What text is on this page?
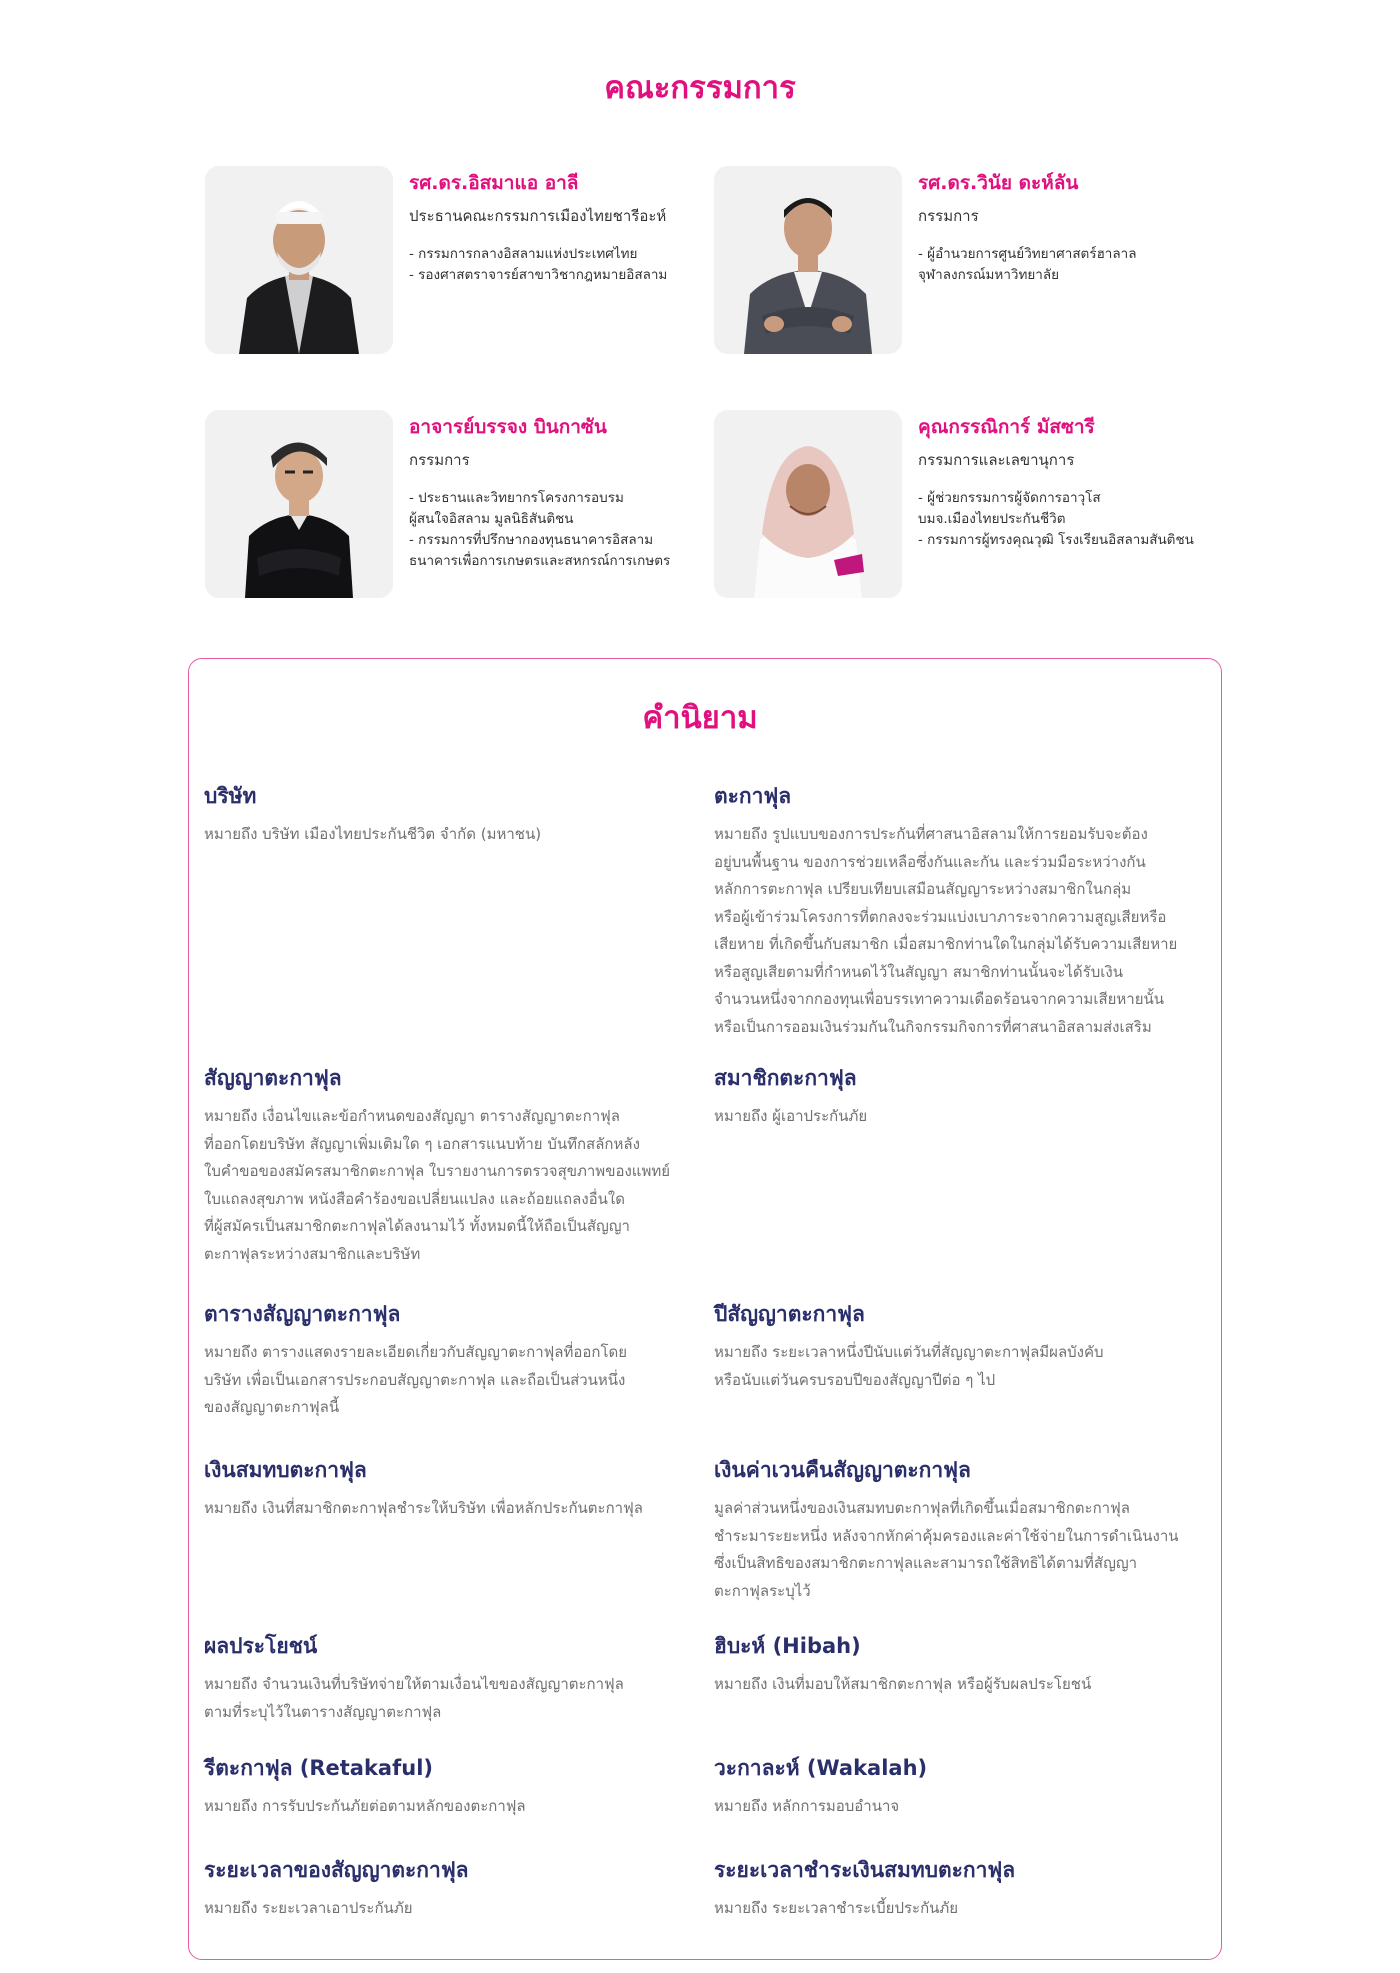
คณะกรรมการ
รศ.ดร.อิสมาแอ อาลี
ประธานคณะกรรมการเมืองไทยชารีอะห์
- กรรมการกลางอิสลามแห่งประเทศไทย
- รองศาสตราจารย์สาขาวิชากฎหมายอิสลาม
รศ.ดร.วินัย ดะห์ลัน
กรรมการ
- ผู้อำนวยการศูนย์วิทยาศาสตร์ฮาลาล
จุฬาลงกรณ์มหาวิทยาลัย
อาจารย์บรรจง บินกาซัน
กรรมการ
- ประธานและวิทยากรโครงการอบรม
ผู้สนใจอิสลาม มูลนิธิสันติชน
- กรรมการที่ปรึกษากองทุนธนาคารอิสลาม
ธนาคารเพื่อการเกษตรและสหกรณ์การเกษตร
คุณกรรณิการ์ มัสซารี
กรรมการและเลขานุการ
- ผู้ช่วยกรรมการผู้จัดการอาวุโส
บมจ.เมืองไทยประกันชีวิต
- กรรมการผู้ทรงคุณวุฒิ โรงเรียนอิสลามสันติชน
คำนิยาม
บริษัท
หมายถึง บริษัท เมืองไทยประกันชีวิต จำกัด (มหาชน)
ตะกาฟุล
หมายถึง รูปแบบของการประกันที่ศาสนาอิสลามให้การยอมรับจะต้อง
อยู่บนพื้นฐาน ของการช่วยเหลือซึ่งกันและกัน และร่วมมือระหว่างกัน
หลักการตะกาฟุล เปรียบเทียบเสมือนสัญญาระหว่างสมาชิกในกลุ่ม
หรือผู้เข้าร่วมโครงการที่ตกลงจะร่วมแบ่งเบาภาระจากความสูญเสียหรือ
เสียหาย ที่เกิดขึ้นกับสมาชิก เมื่อสมาชิกท่านใดในกลุ่มได้รับความเสียหาย
หรือสูญเสียตามที่กำหนดไว้ในสัญญา สมาชิกท่านนั้นจะได้รับเงิน
จำนวนหนึ่งจากกองทุนเพื่อบรรเทาความเดือดร้อนจากความเสียหายนั้น
หรือเป็นการออมเงินร่วมกันในกิจกรรมกิจการที่ศาสนาอิสลามส่งเสริม
สัญญาตะกาฟุล
หมายถึง เงื่อนไขและข้อกำหนดของสัญญา ตารางสัญญาตะกาฟุล
ที่ออกโดยบริษัท สัญญาเพิ่มเติมใด ๆ เอกสารแนบท้าย บันทึกสลักหลัง
ใบคำขอของสมัครสมาชิกตะกาฟุล ใบรายงานการตรวจสุขภาพของแพทย์
ใบแถลงสุขภาพ หนังสือคำร้องขอเปลี่ยนแปลง และถ้อยแถลงอื่นใด
ที่ผู้สมัครเป็นสมาชิกตะกาฟุลได้ลงนามไว้ ทั้งหมดนี้ให้ถือเป็นสัญญา
ตะกาฟุลระหว่างสมาชิกและบริษัท
สมาชิกตะกาฟุล
หมายถึง ผู้เอาประกันภัย
ตารางสัญญาตะกาฟุล
หมายถึง ตารางแสดงรายละเอียดเกี่ยวกับสัญญาตะกาฟุลที่ออกโดย
บริษัท เพื่อเป็นเอกสารประกอบสัญญาตะกาฟุล และถือเป็นส่วนหนึ่ง
ของสัญญาตะกาฟุลนี้
ปีสัญญาตะกาฟุล
หมายถึง ระยะเวลาหนึ่งปีนับแต่วันที่สัญญาตะกาฟุลมีผลบังคับ
หรือนับแต่วันครบรอบปีของสัญญาปีต่อ ๆ ไป
เงินสมทบตะกาฟุล
หมายถึง เงินที่สมาชิกตะกาฟุลชำระให้บริษัท เพื่อหลักประกันตะกาฟุล
เงินค่าเวนคืนสัญญาตะกาฟุล
มูลค่าส่วนหนึ่งของเงินสมทบตะกาฟุลที่เกิดขึ้นเมื่อสมาชิกตะกาฟุล
ชำระมาระยะหนึ่ง หลังจากหักค่าคุ้มครองและค่าใช้จ่ายในการดำเนินงาน
ซึ่งเป็นสิทธิของสมาชิกตะกาฟุลและสามารถใช้สิทธิได้ตามที่สัญญา
ตะกาฟุลระบุไว้
ผลประโยชน์
หมายถึง จำนวนเงินที่บริษัทจ่ายให้ตามเงื่อนไขของสัญญาตะกาฟุล
ตามที่ระบุไว้ในตารางสัญญาตะกาฟุล
ฮิบะห์ (Hibah)
หมายถึง เงินที่มอบให้สมาชิกตะกาฟุล หรือผู้รับผลประโยชน์
รีตะกาฟุล (Retakaful)
หมายถึง การรับประกันภัยต่อตามหลักของตะกาฟุล
วะกาละห์ (Wakalah)
หมายถึง หลักการมอบอำนาจ
ระยะเวลาของสัญญาตะกาฟุล
หมายถึง ระยะเวลาเอาประกันภัย
ระยะเวลาชำระเงินสมทบตะกาฟุล
หมายถึง ระยะเวลาชำระเบี้ยประกันภัย
